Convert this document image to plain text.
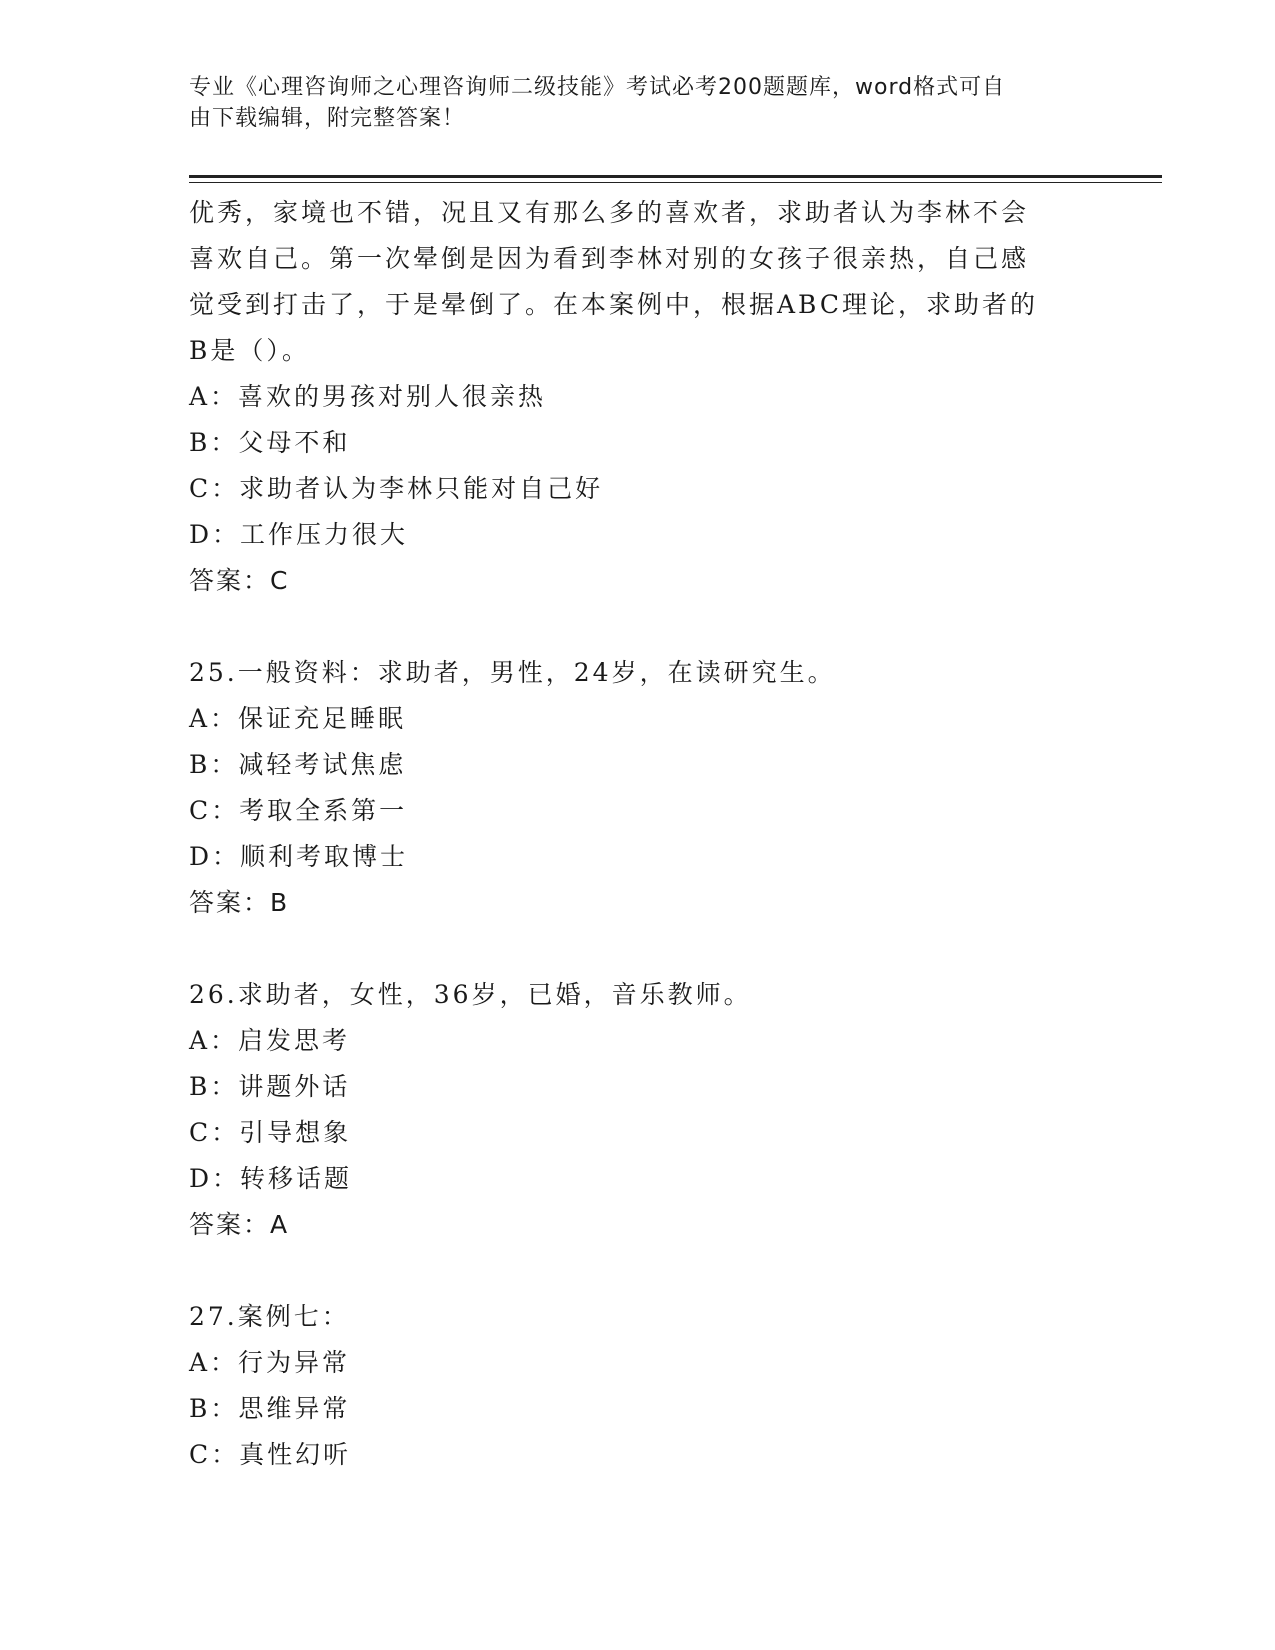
专业《心理咨询师之心理咨询师二级技能》考试必考200题题库，word格式可自
由下载编辑，附完整答案！
优秀，家境也不错，况且又有那么多的喜欢者，求助者认为李林不会
喜欢自己。第一次晕倒是因为看到李林对别的女孩子很亲热，自己感
觉受到打击了，于是晕倒了。在本案例中，根据ABC理论，求助者的
B是（）。
A：喜欢的男孩对别人很亲热
B：父母不和
C：求助者认为李林只能对自己好
D：工作压力很大
答案：C
25.一般资料：求助者，男性，24岁，在读研究生。
A：保证充足睡眠
B：减轻考试焦虑
C：考取全系第一
D：顺利考取博士
答案：B
26.求助者，女性，36岁，已婚，音乐教师。
A：启发思考
B：讲题外话
C：引导想象
D：转移话题
答案：A
27.案例七：
A：行为异常
B：思维异常
C：真性幻听
